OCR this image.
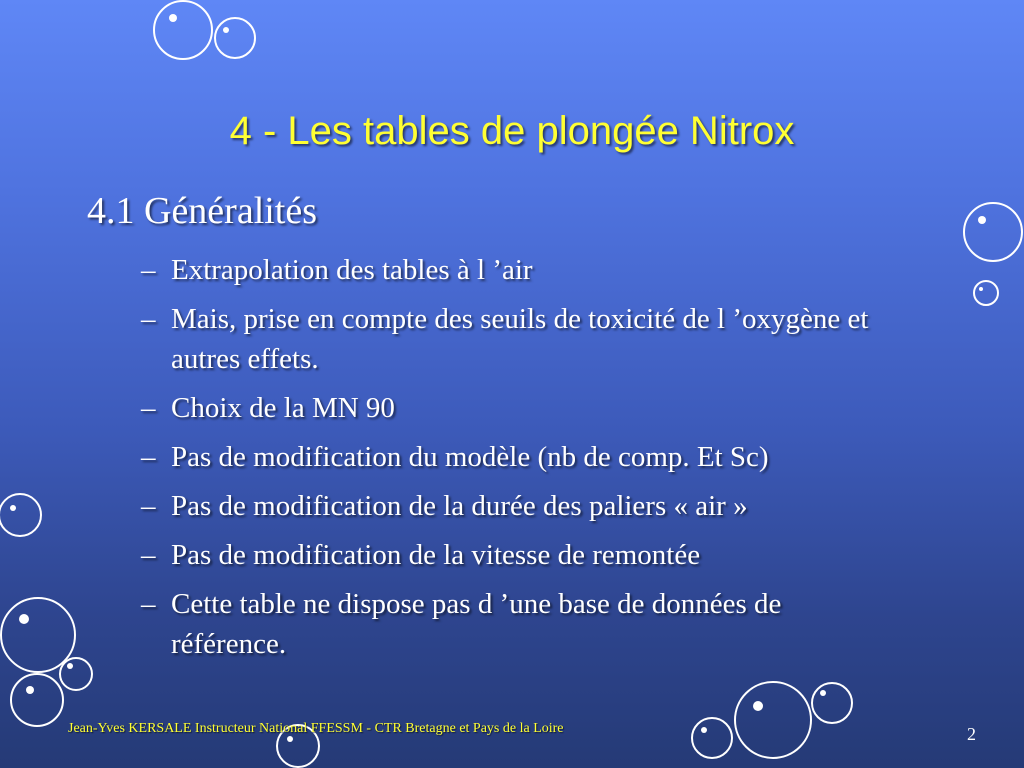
4 - Les tables de plongée Nitrox
4.1 Généralités
– Extrapolation des tables à l ’air
– Mais, prise en compte des seuils de toxicité de l ’oxygène et autres effets.
– Choix de la MN 90
– Pas de modification du modèle (nb de comp. Et Sc)
– Pas de modification de la durée des paliers « air »
– Pas de modification de la vitesse de remontée
– Cette table ne dispose pas d ’une base de données de référence.
Jean-Yves KERSALE Instructeur National FFESSM - CTR Bretagne et Pays de la Loire	2
